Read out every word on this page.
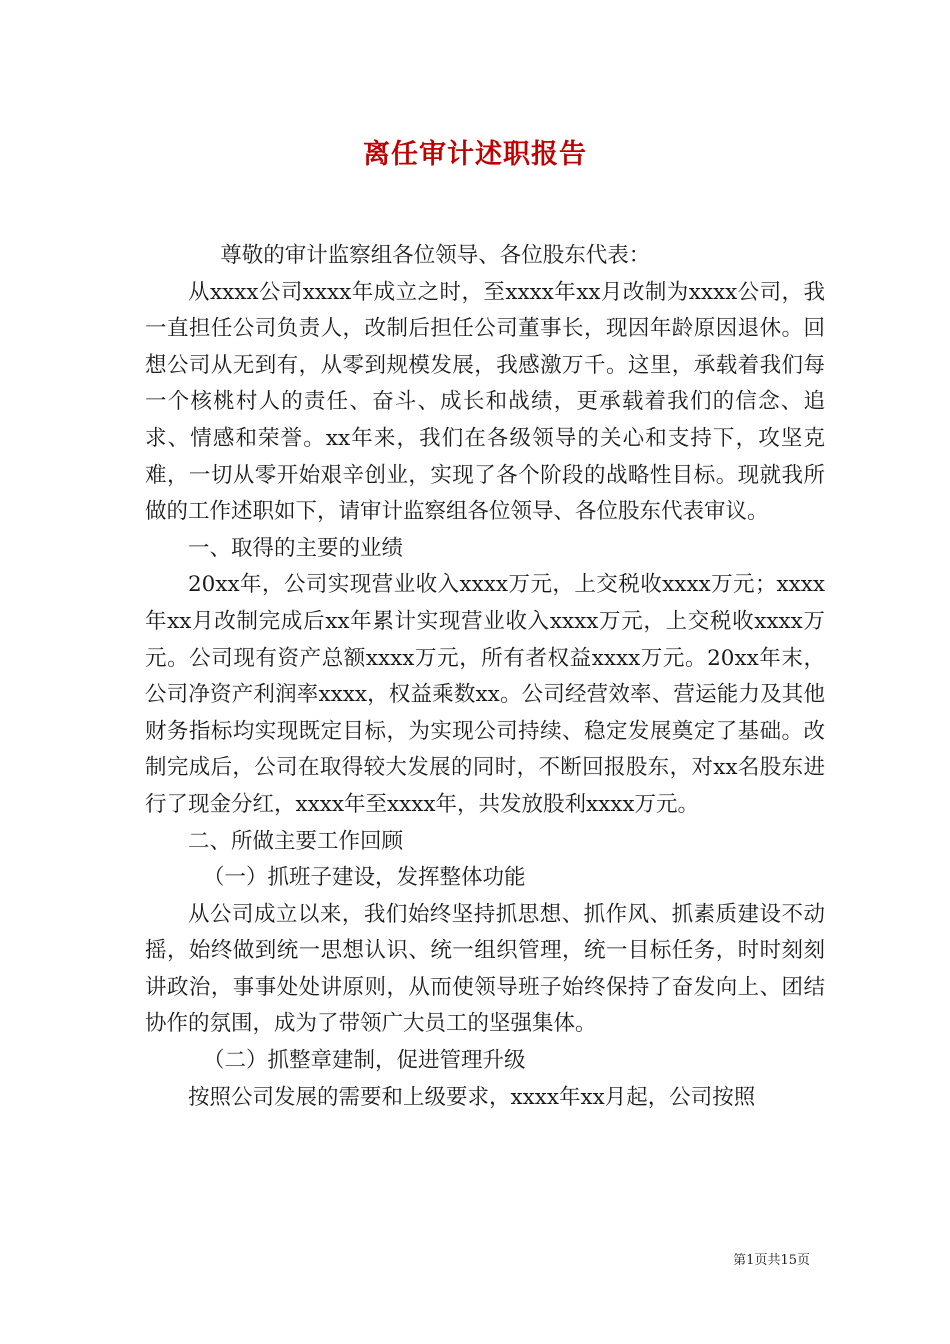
离任审计述职报告

尊敬的审计监察组各位领导、各位股东代表：

从xxxx公司xxxx年成立之时，至xxxx年xx月改制为xxxx公司，我一直担任公司负责人，改制后担任公司董事长，现因年龄原因退休。回想公司从无到有，从零到规模发展，我感激万千。这里，承载着我们每一个核桃村人的责任、奋斗、成长和战绩，更承载着我们的信念、追求、情感和荣誉。xx年来，我们在各级领导的关心和支持下，攻坚克难，一切从零开始艰辛创业，实现了各个阶段的战略性目标。现就我所做的工作述职如下，请审计监察组各位领导、各位股东代表审议。

一、取得的主要的业绩

20xx年，公司实现营业收入xxxx万元，上交税收xxxx万元；xxxx年xx月改制完成后xx年累计实现营业收入xxxx万元，上交税收xxxx万元。公司现有资产总额xxxx万元，所有者权益xxxx万元。20xx年末，公司净资产利润率xxxx，权益乘数xx。公司经营效率、营运能力及其他财务指标均实现既定目标，为实现公司持续、稳定发展奠定了基础。改制完成后，公司在取得较大发展的同时，不断回报股东，对xx名股东进行了现金分红，xxxx年至xxxx年，共发放股利xxxx万元。

二、所做主要工作回顾

（一）抓班子建设，发挥整体功能

从公司成立以来，我们始终坚持抓思想、抓作风、抓素质建设不动摇，始终做到统一思想认识、统一组织管理，统一目标任务，时时刻刻讲政治，事事处处讲原则，从而使领导班子始终保持了奋发向上、团结协作的氛围，成为了带领广大员工的坚强集体。

（二）抓整章建制，促进管理升级

按照公司发展的需要和上级要求，xxxx年xx月起，公司按照

第1页共15页
